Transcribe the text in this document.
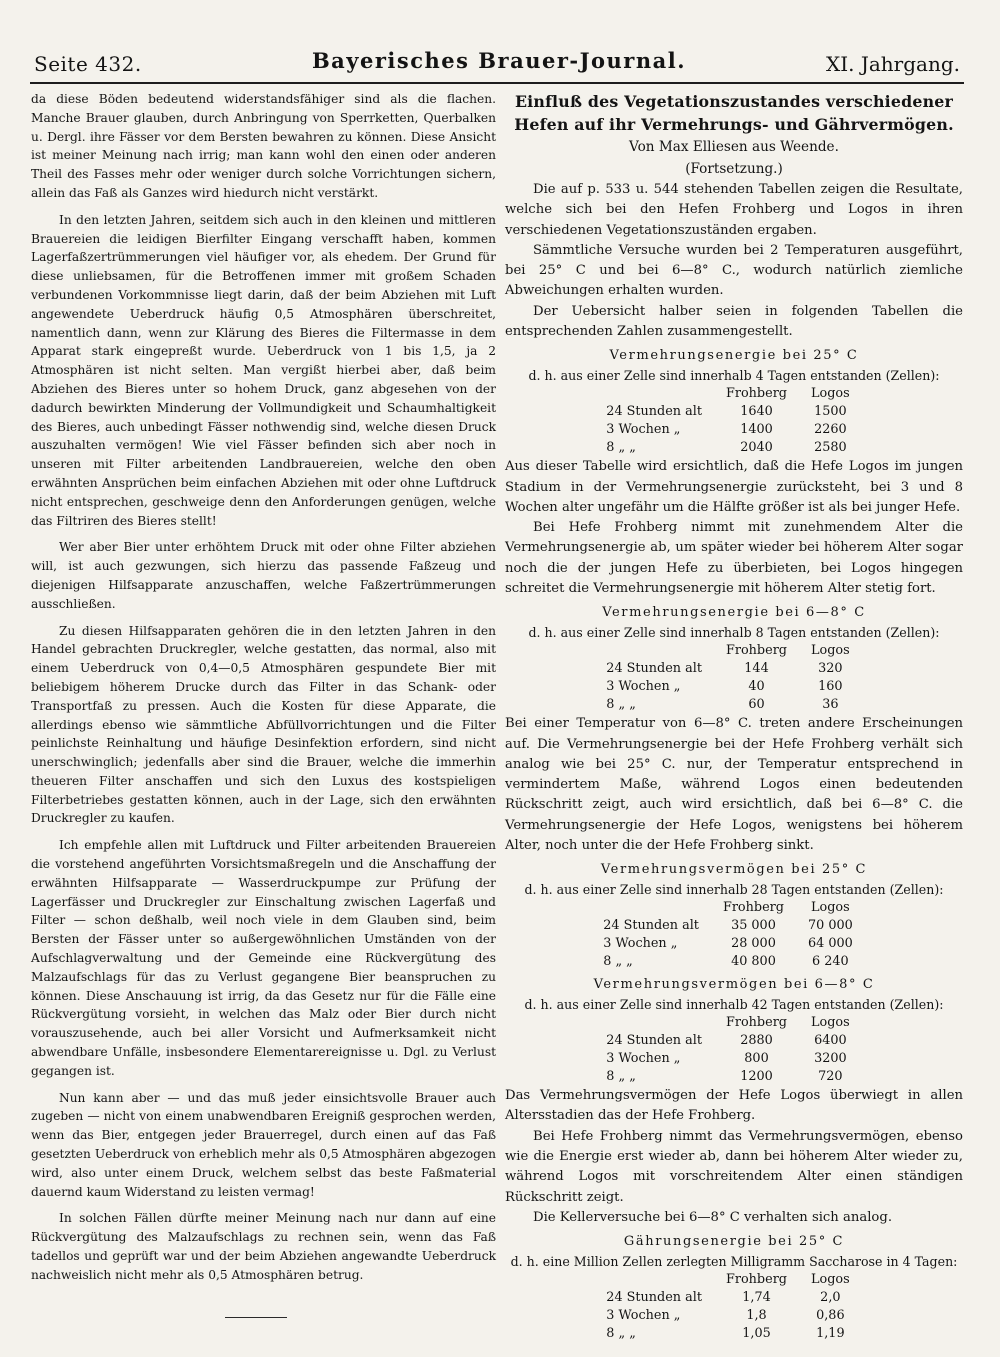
Seite 432.	Bayerisches Brauer-Journal.	XI. Jahrgang.

da diese Böden bedeutend widerstandsfähiger sind als die flachen. Manche Brauer glauben, durch Anbringung von Sperrketten, Querbalken u. Dergl. ihre Fässer vor dem Bersten bewahren zu können. Diese Ansicht ist meiner Meinung nach irrig; man kann wohl den einen oder anderen Theil des Fasses mehr oder weniger durch solche Vorrichtungen sichern, allein das Faß als Ganzes wird hiedurch nicht verstärkt.

In den letzten Jahren, seitdem sich auch in den kleinen und mittleren Brauereien die leidigen Bierfilter Eingang verschafft haben, kommen Lagerfaßzertrümmerungen viel häufiger vor, als ehedem. Der Grund für diese unliebsamen, für die Betroffenen immer mit großem Schaden verbundenen Vorkommnisse liegt darin, daß der beim Abziehen mit Luft angewendete Ueberdruck häufig 0,5 Atmosphären überschreitet, namentlich dann, wenn zur Klärung des Bieres die Filtermasse in dem Apparat stark eingepreßt wurde. Ueberdruck von 1 bis 1,5, ja 2 Atmosphären ist nicht selten. Man vergißt hierbei aber, daß beim Abziehen des Bieres unter so hohem Druck, ganz abgesehen von der dadurch bewirkten Minderung der Vollmundigkeit und Schaumhaltigkeit des Bieres, auch unbedingt Fässer nothwendig sind, welche diesen Druck auszuhalten vermögen! Wie viel Fässer befinden sich aber noch in unseren mit Filter arbeitenden Landbrauereien, welche den oben erwähnten Ansprüchen beim einfachen Abziehen mit oder ohne Luftdruck nicht entsprechen, geschweige denn den Anforderungen genügen, welche das Filtriren des Bieres stellt!

Wer aber Bier unter erhöhtem Druck mit oder ohne Filter abziehen will, ist auch gezwungen, sich hierzu das passende Faßzeug und diejenigen Hilfsapparate anzuschaffen, welche Faßzertrümmerungen ausschließen.

Zu diesen Hilfsapparaten gehören die in den letzten Jahren in den Handel gebrachten Druckregler, welche gestatten, das normal, also mit einem Ueberdruck von 0,4—0,5 Atmosphären gespundete Bier mit beliebigem höherem Drucke durch das Filter in das Schank- oder Transportfaß zu pressen. Auch die Kosten für diese Apparate, die allerdings ebenso wie sämmtliche Abfüllvorrichtungen und die Filter peinlichste Reinhaltung und häufige Desinfektion erfordern, sind nicht unerschwinglich; jedenfalls aber sind die Brauer, welche die immerhin theueren Filter anschaffen und sich den Luxus des kostspieligen Filterbetriebes gestatten können, auch in der Lage, sich den erwähnten Druckregler zu kaufen.

Ich empfehle allen mit Luftdruck und Filter arbeitenden Brauereien die vorstehend angeführten Vorsichtsmaßregeln und die Anschaffung der erwähnten Hilfsapparate — Wasserdruckpumpe zur Prüfung der Lagerfässer und Druckregler zur Einschaltung zwischen Lagerfaß und Filter — schon deßhalb, weil noch viele in dem Glauben sind, beim Bersten der Fässer unter so außergewöhnlichen Umständen von der Aufschlagverwaltung und der Gemeinde eine Rückvergütung des Malzaufschlags für das zu Verlust gegangene Bier beanspruchen zu können. Diese Anschauung ist irrig, da das Gesetz nur für die Fälle eine Rückvergütung vorsieht, in welchen das Malz oder Bier durch nicht vorauszusehende, auch bei aller Vorsicht und Aufmerksamkeit nicht abwendbare Unfälle, insbesondere Elementarereignisse u. Dgl. zu Verlust gegangen ist.

Nun kann aber — und das muß jeder einsichtsvolle Brauer auch zugeben — nicht von einem unabwendbaren Ereigniß gesprochen werden, wenn das Bier, entgegen jeder Brauerregel, durch einen auf das Faß gesetzten Ueberdruck von erheblich mehr als 0,5 Atmosphären abgezogen wird, also unter einem Druck, welchem selbst das beste Faßmaterial dauernd kaum Widerstand zu leisten vermag!

In solchen Fällen dürfte meiner Meinung nach nur dann auf eine Rückvergütung des Malzaufschlags zu rechnen sein, wenn das Faß tadellos und geprüft war und der beim Abziehen angewandte Ueberdruck nachweislich nicht mehr als 0,5 Atmosphären betrug.

Einfluß des Vegetationszustandes verschiedener Hefen auf ihr Vermehrungs- und Gährvermögen.
Von Max Elliesen aus Weende.
(Fortsetzung.)

Die auf p. 533 u. 544 stehenden Tabellen zeigen die Resultate, welche sich bei den Hefen Frohberg und Logos in ihren verschiedenen Vegetationszuständen ergaben.

Sämmtliche Versuche wurden bei 2 Temperaturen ausgeführt, bei 25° C und bei 6—8° C., wodurch natürlich ziemliche Abweichungen erhalten wurden.

Der Uebersicht halber seien in folgenden Tabellen die entsprechenden Zahlen zusammengestellt.

Vermehrungsenergie bei 25° C
d. h. aus einer Zelle sind innerhalb 4 Tagen entstanden (Zellen):
	Frohberg	Logos
24 Stunden alt	1640	1500
3 Wochen „	1400	2260
8 „ „	2040	2580

Aus dieser Tabelle wird ersichtlich, daß die Hefe Logos im jungen Stadium in der Vermehrungsenergie zurücksteht, bei 3 und 8 Wochen alter ungefähr um die Hälfte größer ist als bei junger Hefe.

Bei Hefe Frohberg nimmt mit zunehmendem Alter die Vermehrungsenergie ab, um später wieder bei höherem Alter sogar noch die der jungen Hefe zu überbieten, bei Logos hingegen schreitet die Vermehrungsenergie mit höherem Alter stetig fort.

Vermehrungsenergie bei 6—8° C
d. h. aus einer Zelle sind innerhalb 8 Tagen entstanden (Zellen):
	Frohberg	Logos
24 Stunden alt	144	320
3 Wochen „	40	160
8 „ „	60	36

Bei einer Temperatur von 6—8° C. treten andere Erscheinungen auf. Die Vermehrungsenergie bei der Hefe Frohberg verhält sich analog wie bei 25° C. nur, der Temperatur entsprechend in vermindertem Maße, während Logos einen bedeutenden Rückschritt zeigt, auch wird ersichtlich, daß bei 6—8° C. die Vermehrungsenergie der Hefe Logos, wenigstens bei höherem Alter, noch unter die der Hefe Frohberg sinkt.

Vermehrungsvermögen bei 25° C
d. h. aus einer Zelle sind innerhalb 28 Tagen entstanden (Zellen):
	Frohberg	Logos
24 Stunden alt	35 000	70 000
3 Wochen „	28 000	64 000
8 „ „	40 800	6 240
Vermehrungsvermögen bei 6—8° C
d. h. aus einer Zelle sind innerhalb 42 Tagen entstanden (Zellen):
	Frohberg	Logos
24 Stunden alt	2880	6400
3 Wochen „	800	3200
8 „ „	1200	720

Das Vermehrungsvermögen der Hefe Logos überwiegt in allen Altersstadien das der Hefe Frohberg.

Bei Hefe Frohberg nimmt das Vermehrungsvermögen, ebenso wie die Energie erst wieder ab, dann bei höherem Alter wieder zu, während Logos mit vorschreitendem Alter einen ständigen Rückschritt zeigt.

Die Kellerversuche bei 6—8° C verhalten sich analog.

Gährungsenergie bei 25° C
d. h. eine Million Zellen zerlegten Milligramm Saccharose in 4 Tagen:
	Frohberg	Logos
24 Stunden alt	1,74	2,0
3 Wochen „	1,8	0,86
8 „ „	1,05	1,19
